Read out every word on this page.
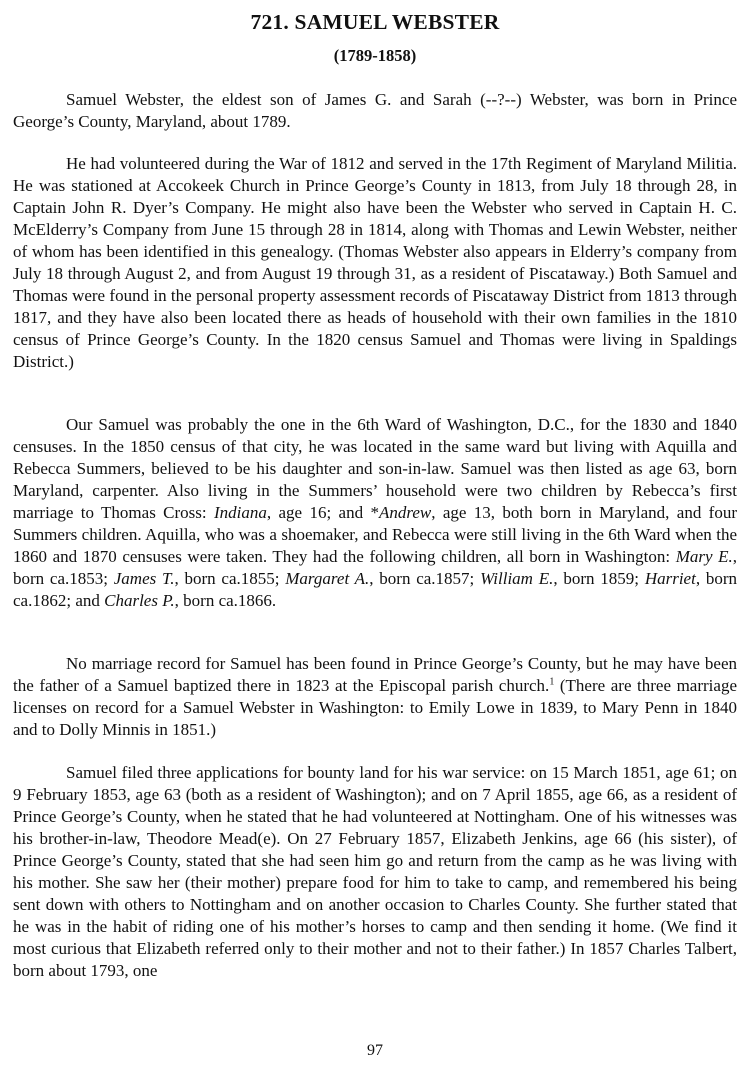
721. SAMUEL WEBSTER
(1789-1858)

Samuel Webster, the eldest son of James G. and Sarah (--?--) Webster, was born in Prince George’s County, Maryland, about 1789.

He had volunteered during the War of 1812 and served in the 17th Regiment of Maryland Militia. He was stationed at Accokeek Church in Prince George’s County in 1813, from July 18 through 28, in Captain John R. Dyer’s Company. He might also have been the Webster who served in Captain H. C. McElderry’s Company from June 15 through 28 in 1814, along with Thomas and Lewin Webster, neither of whom has been identified in this genealogy. (Thomas Webster also appears in Elderry’s company from July 18 through August 2, and from August 19 through 31, as a resident of Piscataway.) Both Samuel and Thomas were found in the personal property assessment records of Piscataway District from 1813 through 1817, and they have also been located there as heads of household with their own families in the 1810 census of Prince George’s County. In the 1820 census Samuel and Thomas were living in Spaldings District.)

Our Samuel was probably the one in the 6th Ward of Washington, D.C., for the 1830 and 1840 censuses. In the 1850 census of that city, he was located in the same ward but living with Aquilla and Rebecca Summers, believed to be his daughter and son-in-law. Samuel was then listed as age 63, born Maryland, carpenter. Also living in the Summers’ household were two children by Rebecca’s first marriage to Thomas Cross: Indiana, age 16; and *Andrew, age 13, both born in Maryland, and four Summers children. Aquilla, who was a shoemaker, and Rebecca were still living in the 6th Ward when the 1860 and 1870 censuses were taken. They had the following children, all born in Washington: Mary E., born ca.1853; James T., born ca.1855; Margaret A., born ca.1857; William E., born 1859; Harriet, born ca.1862; and Charles P., born ca.1866.

No marriage record for Samuel has been found in Prince George’s County, but he may have been the father of a Samuel baptized there in 1823 at the Episcopal parish church.$^1$ (There are three marriage licenses on record for a Samuel Webster in Washington: to Emily Lowe in 1839, to Mary Penn in 1840 and to Dolly Minnis in 1851.)

Samuel filed three applications for bounty land for his war service: on 15 March 1851, age 61; on 9 February 1853, age 63 (both as a resident of Washington); and on 7 April 1855, age 66, as a resident of Prince George’s County, when he stated that he had volunteered at Nottingham. One of his witnesses was his brother-in-law, Theodore Mead(e). On 27 February 1857, Elizabeth Jenkins, age 66 (his sister), of Prince George’s County, stated that she had seen him go and return from the camp as he was living with his mother. She saw her (their mother) prepare food for him to take to camp, and remembered his being sent down with others to Nottingham and on another occasion to Charles County. She further stated that he was in the habit of riding one of his mother’s horses to camp and then sending it home. (We find it most curious that Elizabeth referred only to their mother and not to their father.) In 1857 Charles Talbert, born about 1793, one

97
